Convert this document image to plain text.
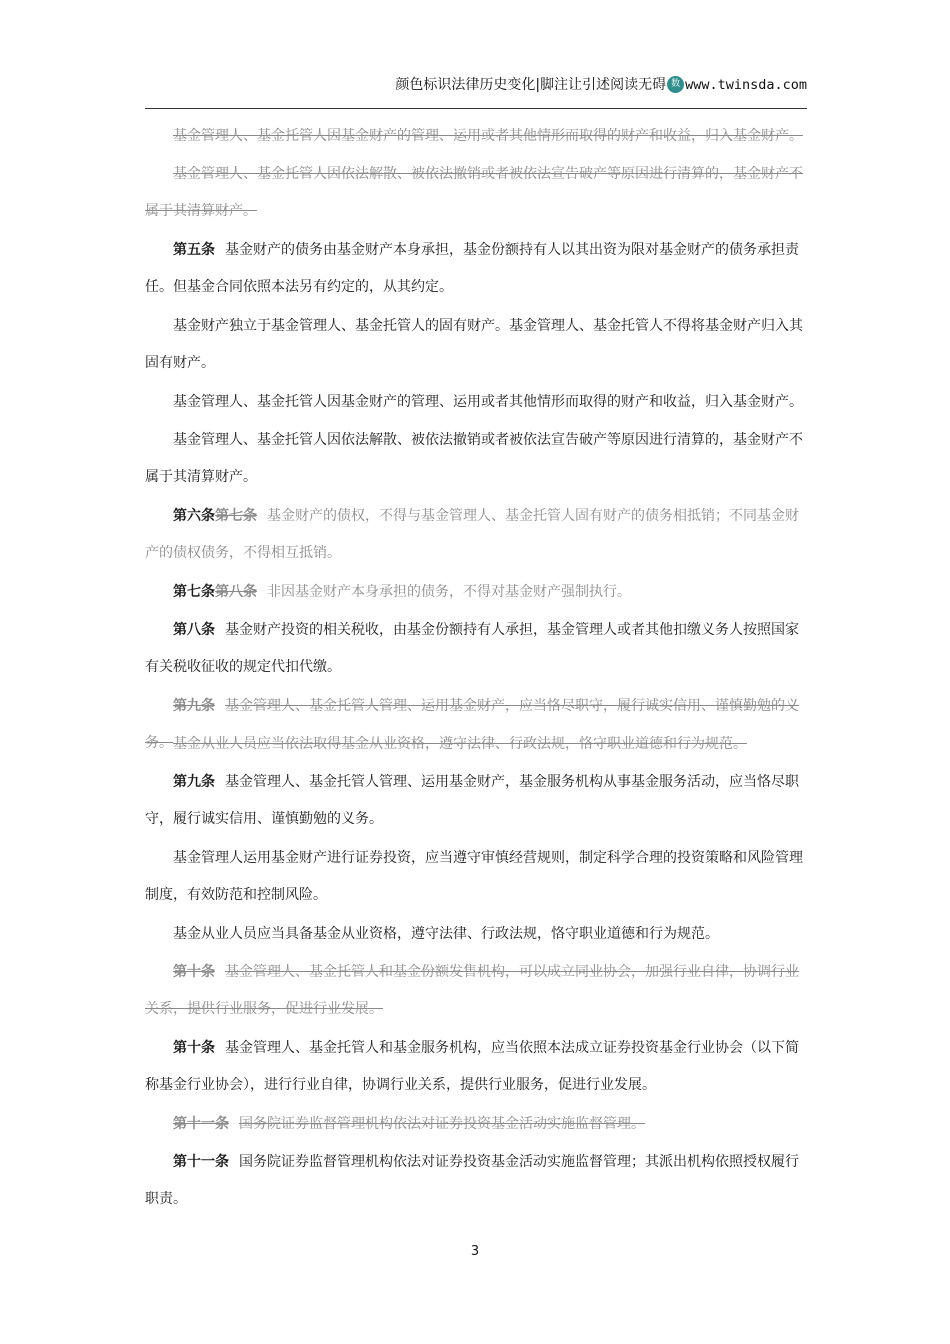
颜色标识法律历史变化|脚注让引述阅读无碍 数 www.twinsda.com

基金管理人、基金托管人因基金财产的管理、运用或者其他情形而取得的财产和收益，归入基金财产。

基金管理人、基金托管人因依法解散、被依法撤销或者被依法宣告破产等原因进行清算的，基金财产不属于其清算财产。

第五条 基金财产的债务由基金财产本身承担，基金份额持有人以其出资为限对基金财产的债务承担责任。但基金合同依照本法另有约定的，从其约定。

基金财产独立于基金管理人、基金托管人的固有财产。基金管理人、基金托管人不得将基金财产归入其固有财产。

基金管理人、基金托管人因基金财产的管理、运用或者其他情形而取得的财产和收益，归入基金财产。

基金管理人、基金托管人因依法解散、被依法撤销或者被依法宣告破产等原因进行清算的，基金财产不属于其清算财产。

第六条第七条 基金财产的债权，不得与基金管理人、基金托管人固有财产的债务相抵销；不同基金财产的债权债务，不得相互抵销。

第七条第八条 非因基金财产本身承担的债务，不得对基金财产强制执行。

第八条 基金财产投资的相关税收，由基金份额持有人承担，基金管理人或者其他扣缴义务人按照国家有关税收征收的规定代扣代缴。

第九条 基金管理人、基金托管人管理、运用基金财产，应当恪尽职守，履行诚实信用、谨慎勤勉的义务。 基金从业人员应当依法取得基金从业资格，遵守法律、行政法规，恪守职业道德和行为规范。

第九条 基金管理人、基金托管人管理、运用基金财产，基金服务机构从事基金服务活动，应当恪尽职守，履行诚实信用、谨慎勤勉的义务。

基金管理人运用基金财产进行证券投资，应当遵守审慎经营规则，制定科学合理的投资策略和风险管理制度，有效防范和控制风险。

基金从业人员应当具备基金从业资格，遵守法律、行政法规，恪守职业道德和行为规范。

第十条 基金管理人、基金托管人和基金份额发售机构，可以成立同业协会，加强行业自律，协调行业关系，提供行业服务，促进行业发展。

第十条 基金管理人、基金托管人和基金服务机构，应当依照本法成立证券投资基金行业协会（以下简称基金行业协会），进行行业自律，协调行业关系，提供行业服务，促进行业发展。

第十一条 国务院证券监督管理机构依法对证券投资基金活动实施监督管理。

第十一条 国务院证券监督管理机构依法对证券投资基金活动实施监督管理；其派出机构依照授权履行职责。

3
